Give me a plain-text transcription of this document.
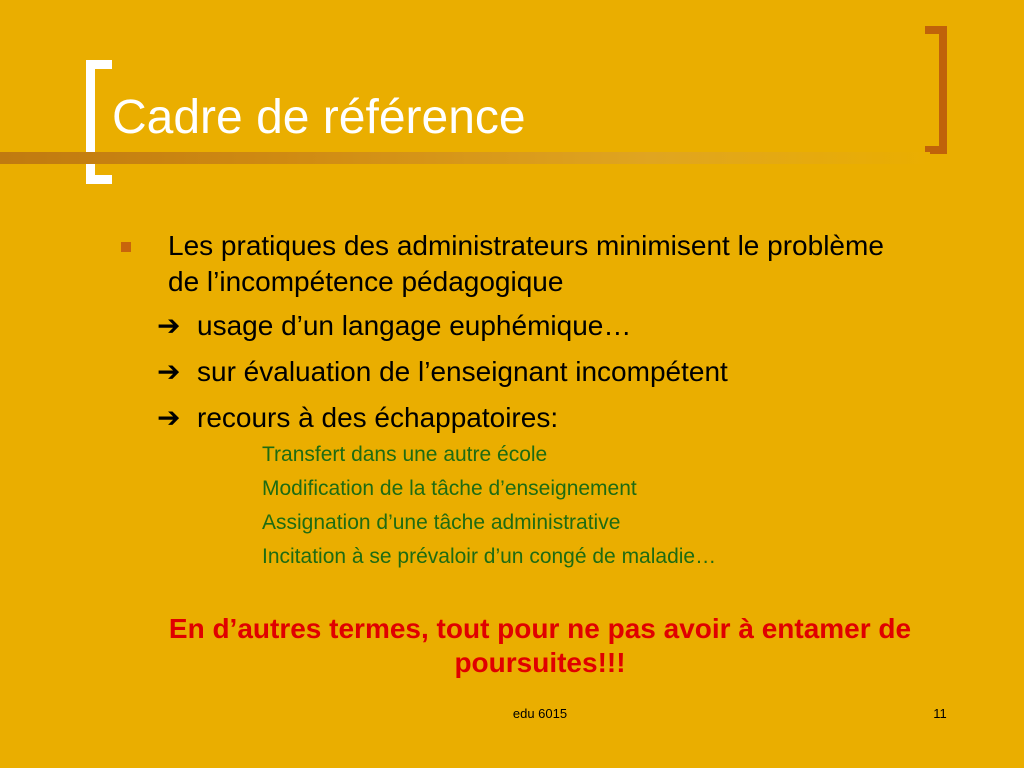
Cadre de référence
Les pratiques des administrateurs minimisent le problème de l’incompétence pédagogique
➔ usage d’un langage euphémique…
➔ sur évaluation de l’enseignant incompétent
➔ recours à des échappatoires:
Transfert dans une autre école
Modification de la tâche d’enseignement
Assignation d’une tâche administrative
Incitation à se prévaloir d’un congé de maladie…
En d’autres termes, tout pour ne pas avoir à entamer de poursuites!!!
edu 6015	11
